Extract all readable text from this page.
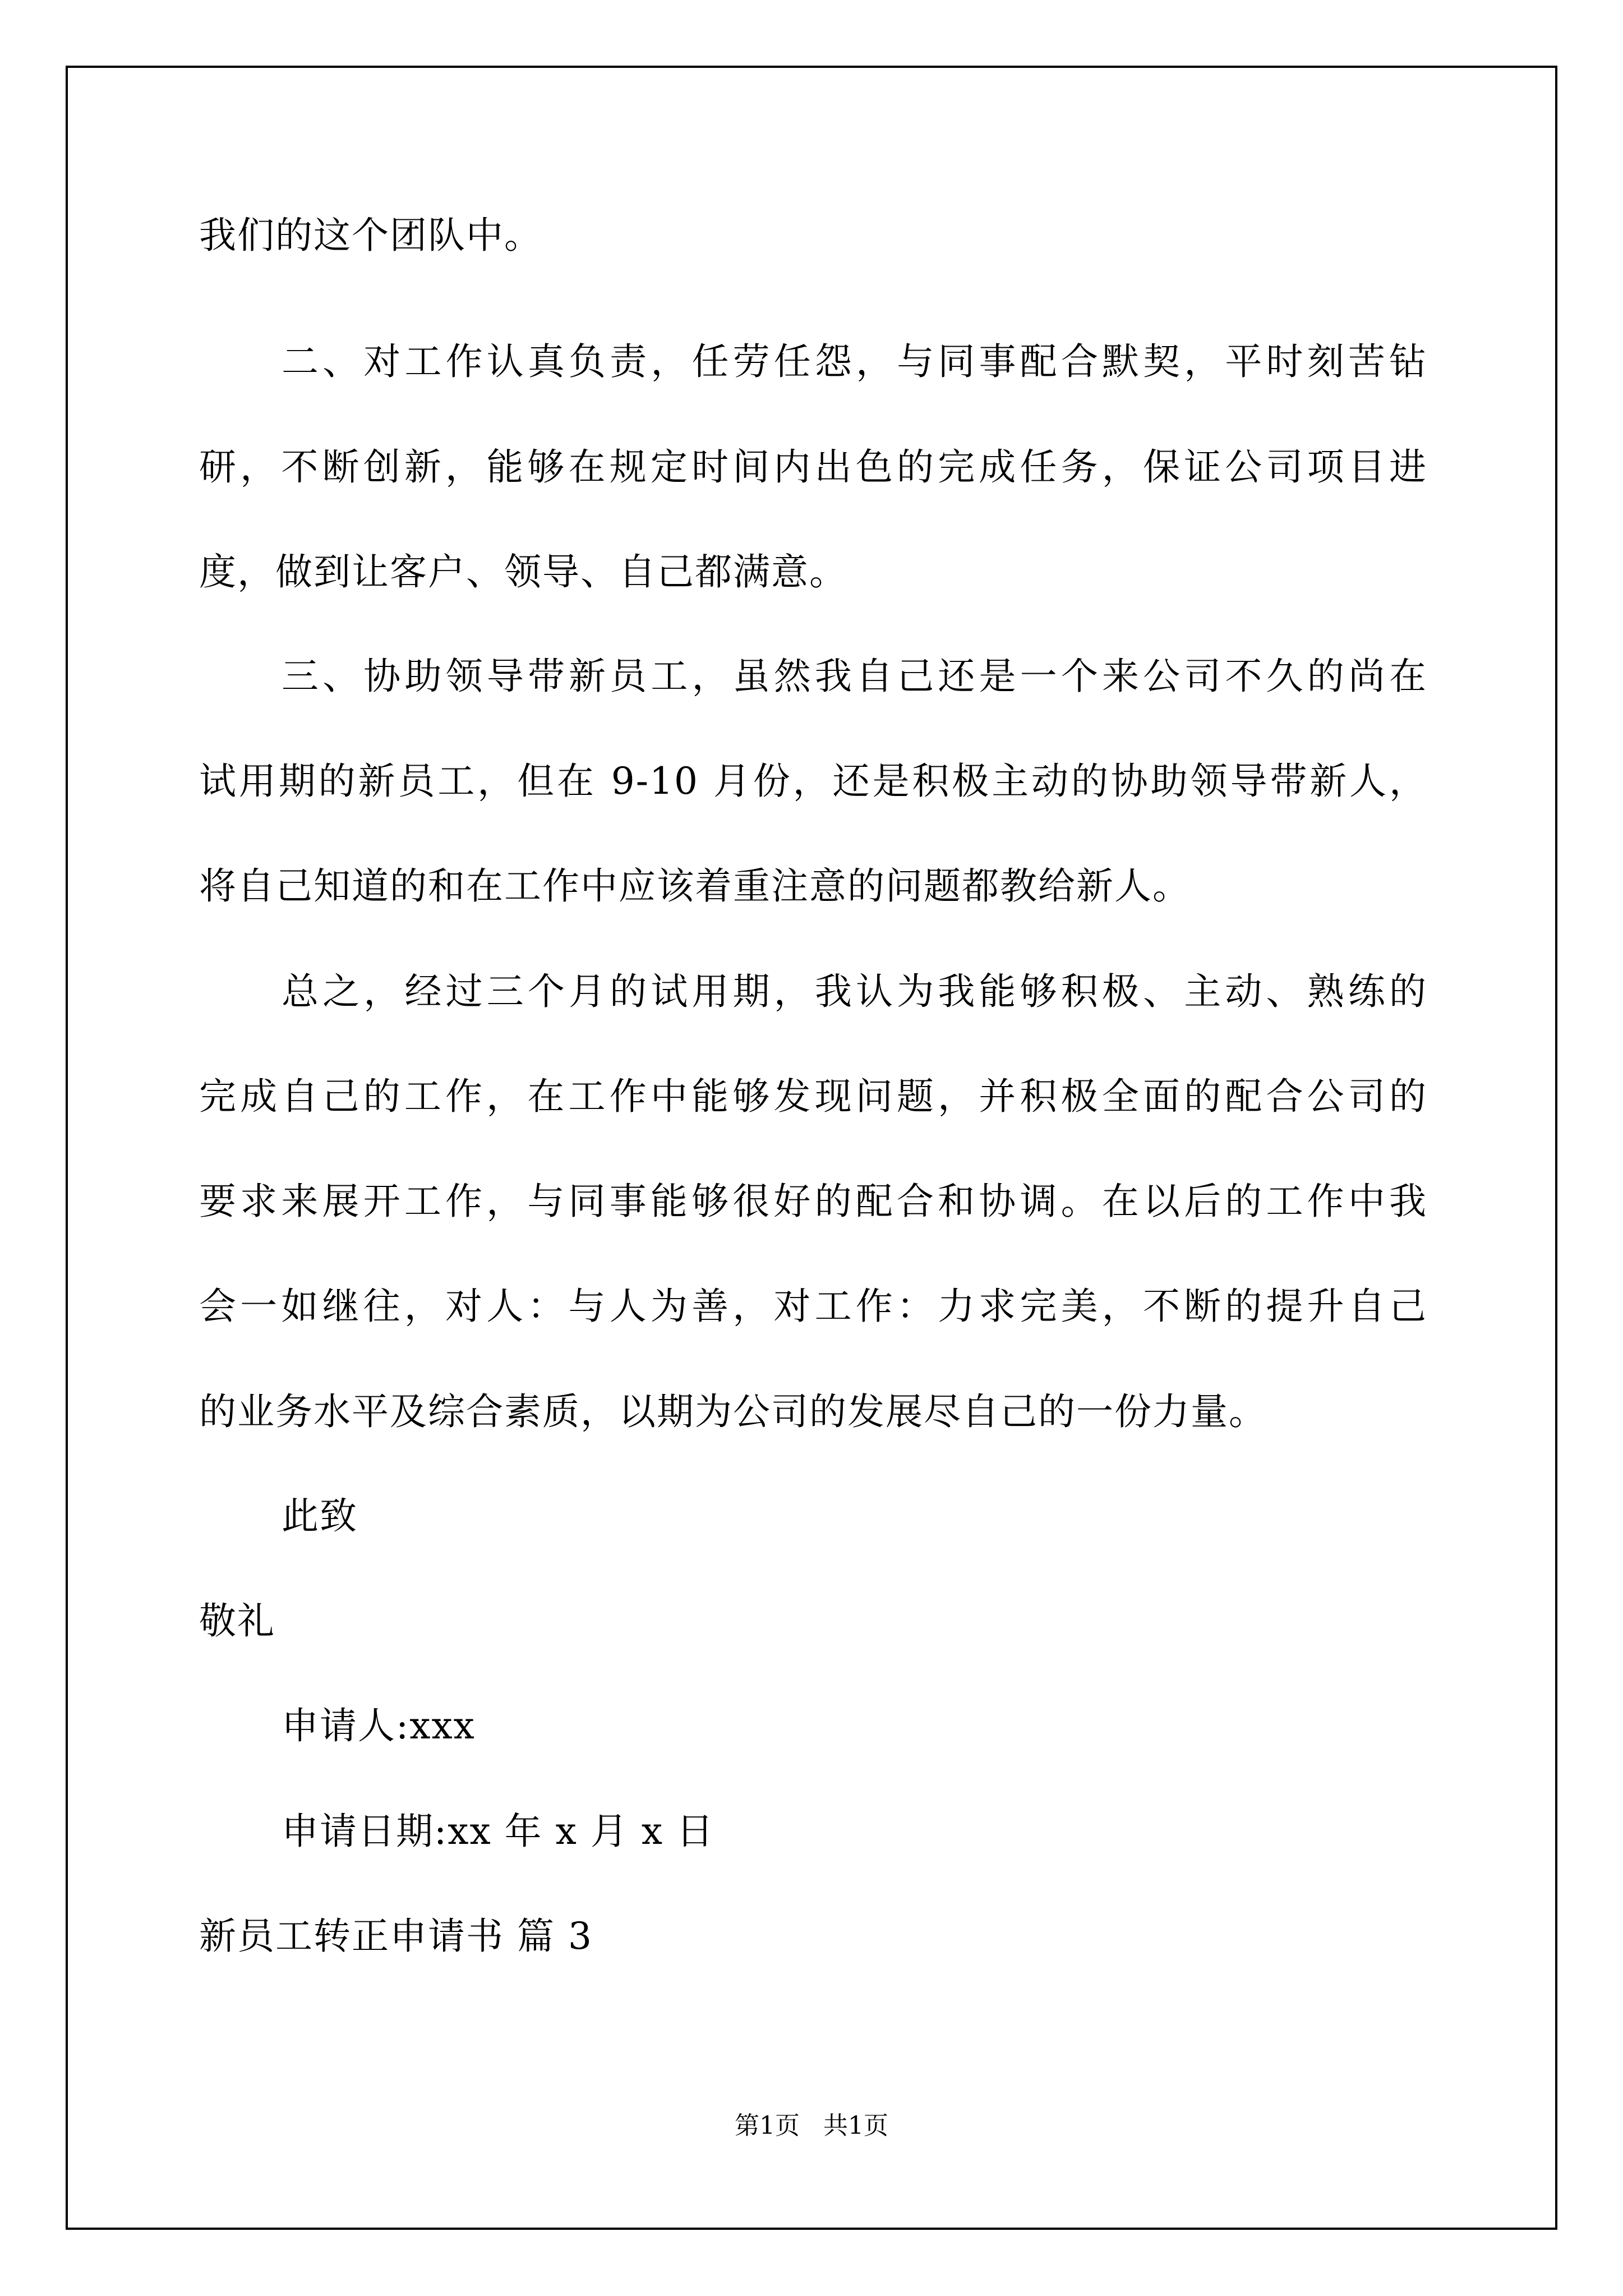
我们的这个团队中。
二、对工作认真负责，任劳任怨，与同事配合默契，平时刻苦钻
研，不断创新，能够在规定时间内出色的完成任务，保证公司项目进
度，做到让客户、领导、自己都满意。
三、协助领导带新员工，虽然我自己还是一个来公司不久的尚在
试用期的新员工，但在 9-10 月份，还是积极主动的协助领导带新人，
将自己知道的和在工作中应该着重注意的问题都教给新人。
总之，经过三个月的试用期，我认为我能够积极、主动、熟练的
完成自己的工作，在工作中能够发现问题，并积极全面的配合公司的
要求来展开工作，与同事能够很好的配合和协调。在以后的工作中我
会一如继往，对人：与人为善，对工作：力求完美，不断的提升自己
的业务水平及综合素质，以期为公司的发展尽自己的一份力量。
此致
敬礼
申请人:xxx
申请日期:xx 年 x 月 x 日
新员工转正申请书 篇 3
第1页   共1页
